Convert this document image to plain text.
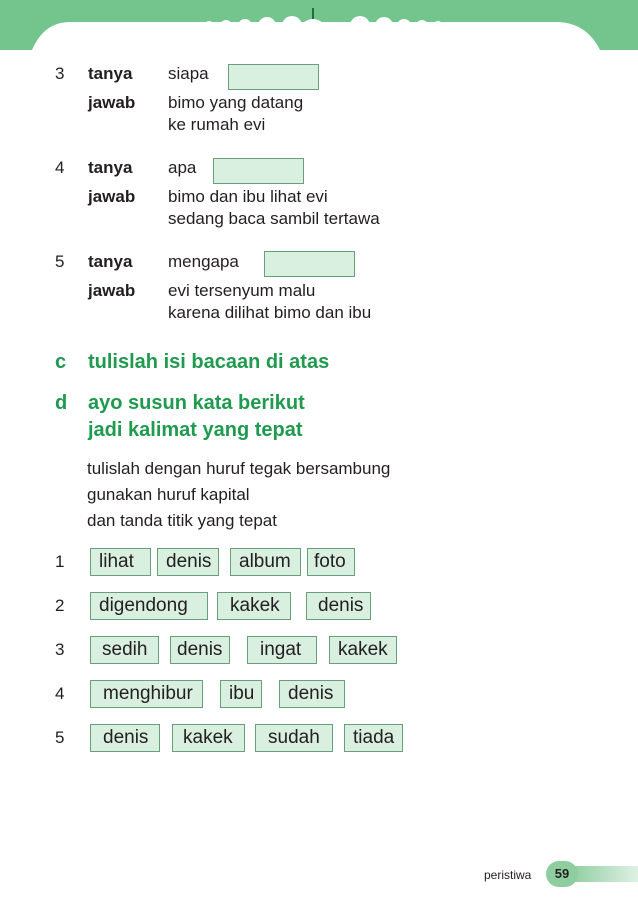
3 tanya siapa
jawab bimo yang datang
ke rumah evi
4 tanya apa
jawab bimo dan ibu lihat evi
sedang baca sambil tertawa
5 tanya mengapa
jawab evi tersenyum malu
karena dilihat bimo dan ibu
c tulislah isi bacaan di atas
d ayo susun kata berikut
jadi kalimat yang tepat
tulislah dengan huruf tegak bersambung
gunakan huruf kapital
dan tanda titik yang tepat
1	lihat	denis	album	foto
2	digendong	kakek	denis
3	sedih	denis	ingat	kakek
4	menghibur	ibu	denis
5	denis	kakek	sudah	tiada
peristiwa	59
